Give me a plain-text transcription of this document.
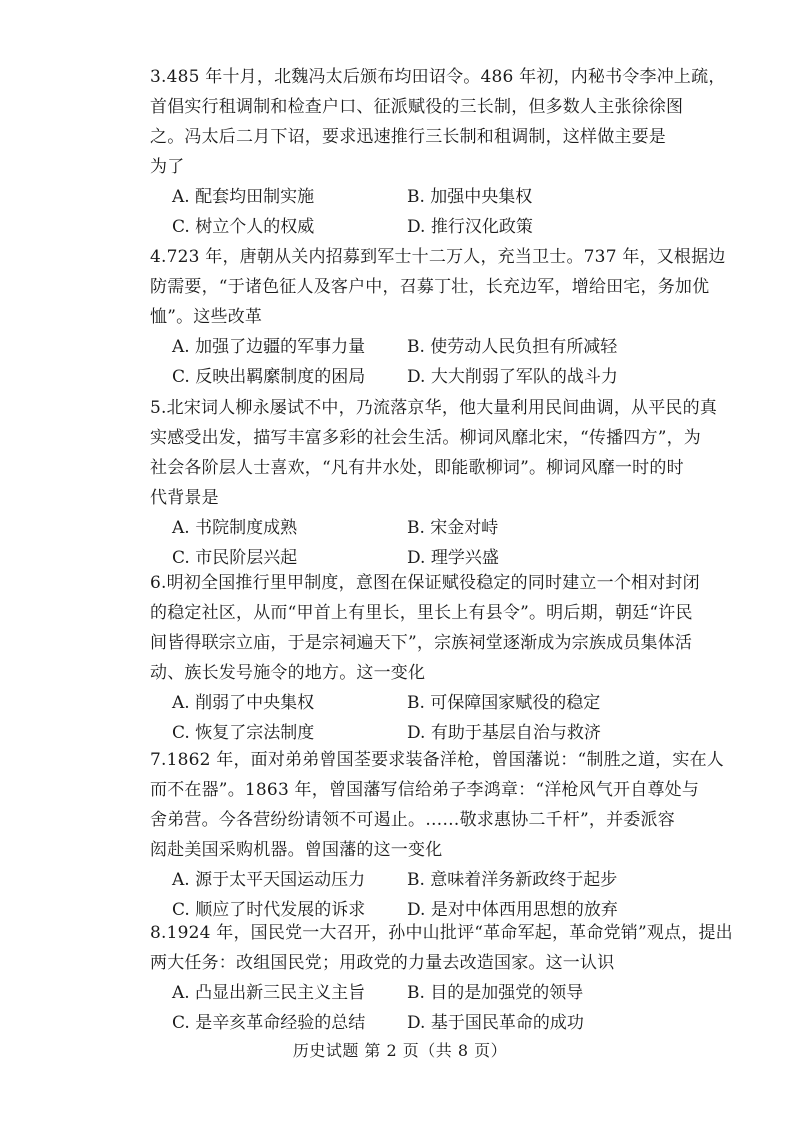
3.485 年十月，北魏冯太后颁布均田诏令。486 年初，内秘书令李冲上疏，

首倡实行租调制和检查户口、征派赋役的三长制，但多数人主张徐徐图

之。冯太后二月下诏，要求迅速推行三长制和租调制，这样做主要是

为了

A. 配套均田制实施	B. 加强中央集权
C. 树立个人的权威	D. 推行汉化政策

4.723 年，唐朝从关内招募到军士十二万人，充当卫士。737 年，又根据边

防需要，“于诸色征人及客户中，召募丁壮，长充边军，增给田宅，务加优

恤”。这些改革

A. 加强了边疆的军事力量	B. 使劳动人民负担有所减轻
C. 反映出羁縻制度的困局	D. 大大削弱了军队的战斗力

5.北宋词人柳永屡试不中，乃流落京华，他大量利用民间曲调，从平民的真

实感受出发，描写丰富多彩的社会生活。柳词风靡北宋，“传播四方”，为

社会各阶层人士喜欢，“凡有井水处，即能歌柳词”。柳词风靡一时的时

代背景是

A. 书院制度成熟	B. 宋金对峙
C. 市民阶层兴起	D. 理学兴盛

6.明初全国推行里甲制度，意图在保证赋役稳定的同时建立一个相对封闭

的稳定社区，从而“甲首上有里长，里长上有县令”。明后期，朝廷“许民

间皆得联宗立庙，于是宗祠遍天下”，宗族祠堂逐渐成为宗族成员集体活

动、族长发号施令的地方。这一变化

A. 削弱了中央集权	B. 可保障国家赋役的稳定
C. 恢复了宗法制度	D. 有助于基层自治与救济

7.1862 年，面对弟弟曾国荃要求装备洋枪，曾国藩说：“制胜之道，实在人

而不在器”。1863 年，曾国藩写信给弟子李鸿章：“洋枪风气开自尊处与

舍弟营。今各营纷纷请领不可遏止。……敬求惠协二千杆”，并委派容

闳赴美国采购机器。曾国藩的这一变化

A. 源于太平天国运动压力	B. 意味着洋务新政终于起步
C. 顺应了时代发展的诉求	D. 是对中体西用思想的放弃

8.1924 年，国民党一大召开，孙中山批评“革命军起，革命党销”观点，提出

两大任务：改组国民党；用政党的力量去改造国家。这一认识

A. 凸显出新三民主义主旨	B. 目的是加强党的领导
C. 是辛亥革命经验的总结	D. 基于国民革命的成功
历史试题 第 2 页（共 8 页）
